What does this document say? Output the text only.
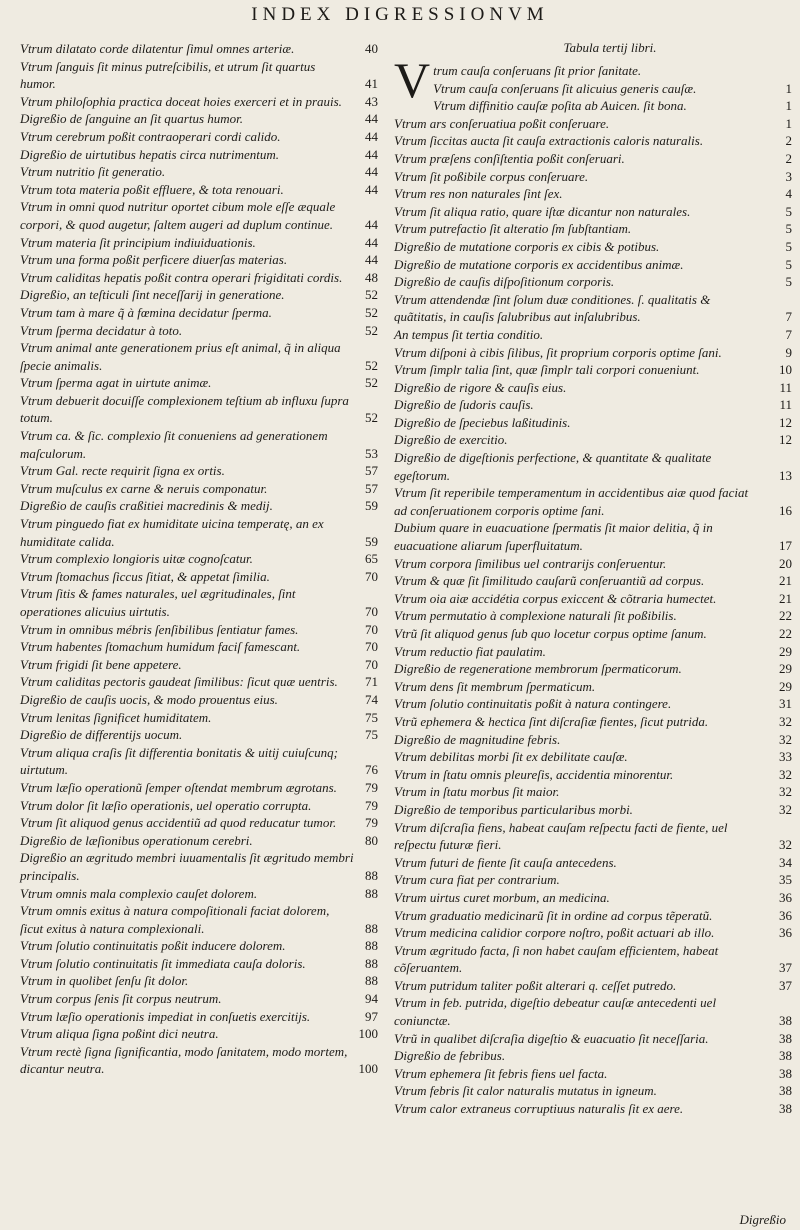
INDEX DIGRESSIONVM
Vtrum dilatato corde dilatentur ſimul omnes arteriæ.	40
Vtrum ſanguis ſit minus putreſcibilis, et utrum ſit quartus humor.	41
Vtrum philoſophia practica doceat hoies exerceri et in prauis. 43
Digreßio de ſanguine an ſit quartus humor.	44
Vtrum cerebrum poßit contraoperari cordi calido.	44
Digreßio de uirtutibus hepatis circa nutrimentum.	44
Vtrum nutritio ſit generatio.	44
Vtrum tota materia poßit effluere, & tota renouari.	44
Vtrum in omni quod nutritur oportet cibum mole eſſe æquale corpori, & quod augetur, ſaltem augeri ad duplum continue. 44
Vtrum materia ſit principium indiuiduationis.	44
Vtrum una forma poßit perficere diuerſas materias.	44
Vtrum caliditas hepatis poßit contra operari frigiditati cordis. 48
Digreßio, an teſticuli ſint neceſſarij in generatione.	52
Vtrum tam à mare q̃ à fœmina decidatur ſperma.	52
Vtrum ſperma decidatur à toto.	52
Vtrum animal ante generationem prius eſt animal, q̃ in aliqua ſpecie animalis.	52
Vtrum ſperma agat in uirtute animæ.	52
Vtrum debuerit docuiſſe complexionem teſtium ab influxu ſupra totum.	52
Vtrum ca. & ſic. complexio ſit conueniens ad generationem maſculorum.	53
Vtrum Gal. recte requirit ſigna ex ortis.	57
Vtrum muſculus ex carne & neruis componatur.	57
Digreßio de cauſis craßitiei macredinis & medij.	59
Vtrum pinguedo fiat ex humiditate uicina temperatę, an ex humiditate calida.	59
Vtrum complexio longioris uitæ cognoſcatur.	65
Vtrum ſtomachus ſiccus ſitiat, & appetat ſimilia.	70
Vtrum ſitis & fames naturales, uel ægritudinales, ſint operationes alicuius uirtutis.	70
Vtrum in omnibus mébris ſenſibilibus ſentiatur fames.	70
Vtrum habentes ſtomachum humidum faciſ famescant.	70
Vtrum frigidi ſit bene appetere.	70
Vtrum caliditas pectoris gaudeat ſimilibus: ſicut quæ uentris. 71
Digreßio de cauſis uocis, & modo prouentus eius.	74
Vtrum lenitas ſignificet humiditatem.	75
Digreßio de differentijs uocum.	75
Vtrum aliqua craſis ſit differentia bonitatis & uitij cuiuſcunq; uirtutum.	76
Vtrum læſio operationũ ſemper oſtendat membrum ægrotans. 79
Vtrum dolor ſit læſio operationis, uel operatio corrupta.	79
Vtrum ſit aliquod genus accidentiũ ad quod reducatur tumor. 79
Digreßio de læſionibus operationum cerebri.	80
Digreßio an ægritudo membri iuuamentalis ſit ægritudo membri principalis.	88
Vtrum omnis mala complexio cauſet dolorem.	88
Vtrum omnis exitus à natura compoſitionali faciat dolorem, ſicut exitus à natura complexionali.	88
Vtrum ſolutio continuitatis poßit inducere dolorem.	88
Vtrum ſolutio continuitatis ſit immediata cauſa doloris.	88
Vtrum in quolibet ſenſu ſit dolor.	88
Vtrum corpus ſenis ſit corpus neutrum.	94
Vtrum læſio operationis impediat in conſuetis exercitijs.	97
Vtrum aliqua ſigna poßint dici neutra.	100
Vtrum rectè ſigna ſignificantia, modo ſanitatem, modo mortem, dicantur neutra.	100
Tabula tertij libri.
Vtrum cauſa conſeruans ſit prior ſanitate.
Vtrum cauſa conſeruans ſit alicuius generis cauſæ.	1
Vtrum diffinitio cauſæ poſita ab Auicen. ſit bona.	1
Vtrum ars conſeruatiua poßit conſeruare.	1
Vtrum ſiccitas aucta ſit cauſa extractionis caloris naturalis.	2
Vtrum præſens conſiſtentia poßit conſeruari.	2
Vtrum ſit poßibile corpus conſeruare.	3
Vtrum res non naturales ſint ſex.	4
Vtrum ſit aliqua ratio, quare iſtæ dicantur non naturales.	5
Vtrum putrefactio ſit alteratio ſm ſubſtantiam.	5
Digreßio de mutatione corporis ex cibis & potibus.	5
Digreßio de mutatione corporis ex accidentibus animæ.	5
Digreßio de cauſis diſpoſitionum corporis.	5
Vtrum attendendæ ſint ſolum duæ conditiones. ſ. qualitatis & quãtitatis, in cauſis ſalubribus aut inſalubribus.	7
An tempus ſit tertia conditio.	7
Vtrum diſponi à cibis ſilibus, ſit proprium corporis optime ſani.	9
Vtrum ſimplr talia ſint, quæ ſimplr tali corpori conueniunt.	10
Digreßio de rigore & cauſis eius.	11
Digreßio de ſudoris cauſis.	11
Digreßio de ſpeciebus laßitudinis.	12
Digreßio de exercitio.	12
Digreßio de digeſtionis perfectione, & quantitate & qualitate egeſtorum.	13
Vtrum ſit reperibile temperamentum in accidentibus aiæ quod faciat ad conſeruationem corporis optime ſani.	16
Dubium quare in euacuatione ſpermatis ſit maior delitia, q̃ in euacuatione aliarum ſuperfluitatum.	17
Vtrum corpora ſimilibus uel contrarijs conſeruentur.	20
Vtrum & quæ ſit ſimilitudo cauſarũ conſeruantiũ ad corpus.	21
Vtrum oia aiæ accidétia corpus exiccent & cõtraria humectet.	21
Vtrum permutatio à complexione naturali ſit poßibilis.	22
Vtrũ ſit aliquod genus ſub quo locetur corpus optime ſanum.	22
Vtrum reductio fiat paulatim.	29
Digreßio de regeneratione membrorum ſpermaticorum.	29
Vtrum dens ſit membrum ſpermaticum.	29
Vtrum ſolutio continuitatis poßit à natura contingere.	31
Vtrũ ephemera & hectica ſint diſcraſiæ fientes, ſicut putrida.	32
Digreßio de magnitudine febris.	32
Vtrum debilitas morbi ſit ex debilitate cauſæ.	33
Vtrum in ſtatu omnis pleureſis, accidentia minorentur.	32
Vtrum in ſtatu morbus ſit maior.	32
Digreßio de temporibus particularibus morbi.	32
Vtrum diſcraſia fiens, habeat cauſam reſpectu facti de fiente, uel reſpectu futuræ fieri.	32
Vtrum futuri de fiente ſit cauſa antecedens.	34
Vtrum cura fiat per contrarium.	35
Vtrum uirtus curet morbum, an medicina.	36
Vtrum graduatio medicinarũ ſit in ordine ad corpus tẽperatũ.	36
Vtrum medicina calidior corpore noſtro, poßit actuari ab illo.	36
Vtrum ægritudo facta, ſi non habet cauſam efficientem, habeat cõſeruantem.	37
Vtrum putridum taliter poßit alterari q. ceſſet putredo.	37
Vtrum in feb. putrida, digeſtio debeatur cauſæ antecedenti uel coniunctæ.	38
Vtrũ in qualibet diſcraſia digeſtio & euacuatio ſit neceſſaria.	38
Digreßio de febribus.	38
Vtrum ephemera ſit febris fiens uel facta.	38
Vtrum febris ſit calor naturalis mutatus in igneum.	38
Vtrum calor extraneus corruptiuus naturalis ſit ex aere.	38
Digreßio
